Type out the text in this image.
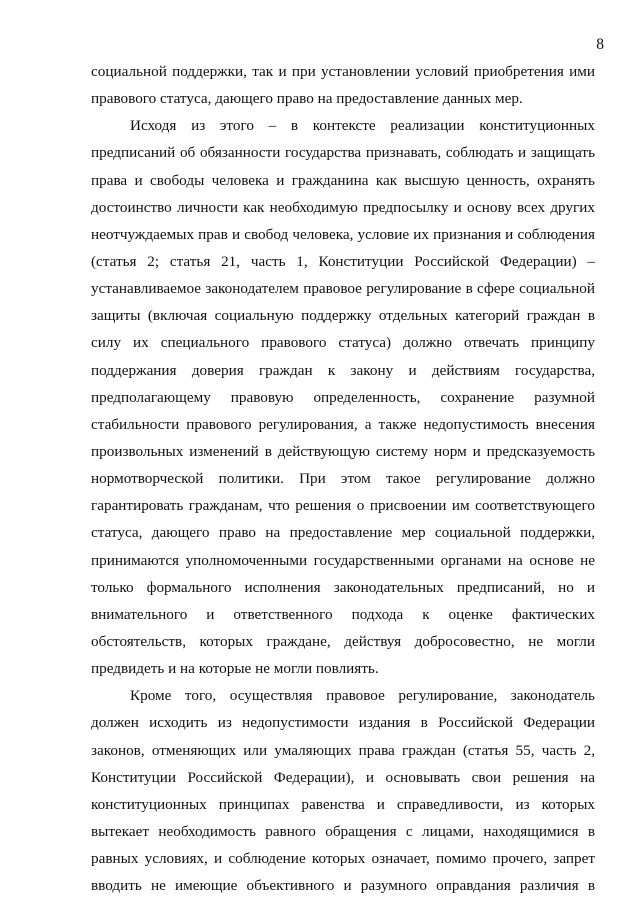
8
социальной поддержки, так и при установлении условий приобретения ими
правового статуса, дающего право на предоставление данных мер.
Исходя из этого – в контексте реализации конституционных
предписаний об обязанности государства признавать, соблюдать и защищать
права и свободы человека и гражданина как высшую ценность, охранять
достоинство личности как необходимую предпосылку и основу всех других
неотчуждаемых прав и свобод человека, условие их признания и соблюдения
(статья 2; статья 21, часть 1, Конституции Российской Федерации) –
устанавливаемое законодателем правовое регулирование в сфере социальной
защиты (включая социальную поддержку отдельных категорий граждан в
силу их специального правового статуса) должно отвечать принципу
поддержания доверия граждан к закону и действиям государства,
предполагающему правовую определенность, сохранение разумной
стабильности правового регулирования, а также недопустимость внесения
произвольных изменений в действующую систему норм и предсказуемость
нормотворческой политики. При этом такое регулирование должно
гарантировать гражданам, что решения о присвоении им соответствующего
статуса, дающего право на предоставление мер социальной поддержки,
принимаются уполномоченными государственными органами на основе не
только формального исполнения законодательных предписаний, но и
внимательного и ответственного подхода к оценке фактических
обстоятельств, которых граждане, действуя добросовестно, не могли
предвидеть и на которые не могли повлиять.
Кроме того, осуществляя правовое регулирование, законодатель
должен исходить из недопустимости издания в Российской Федерации
законов, отменяющих или умаляющих права граждан (статья 55, часть 2,
Конституции Российской Федерации), и основывать свои решения на
конституционных принципах равенства и справедливости, из которых
вытекает необходимость равного обращения с лицами, находящимися в
равных условиях, и соблюдение которых означает, помимо прочего, запрет
вводить не имеющие объективного и разумного оправдания различия в
